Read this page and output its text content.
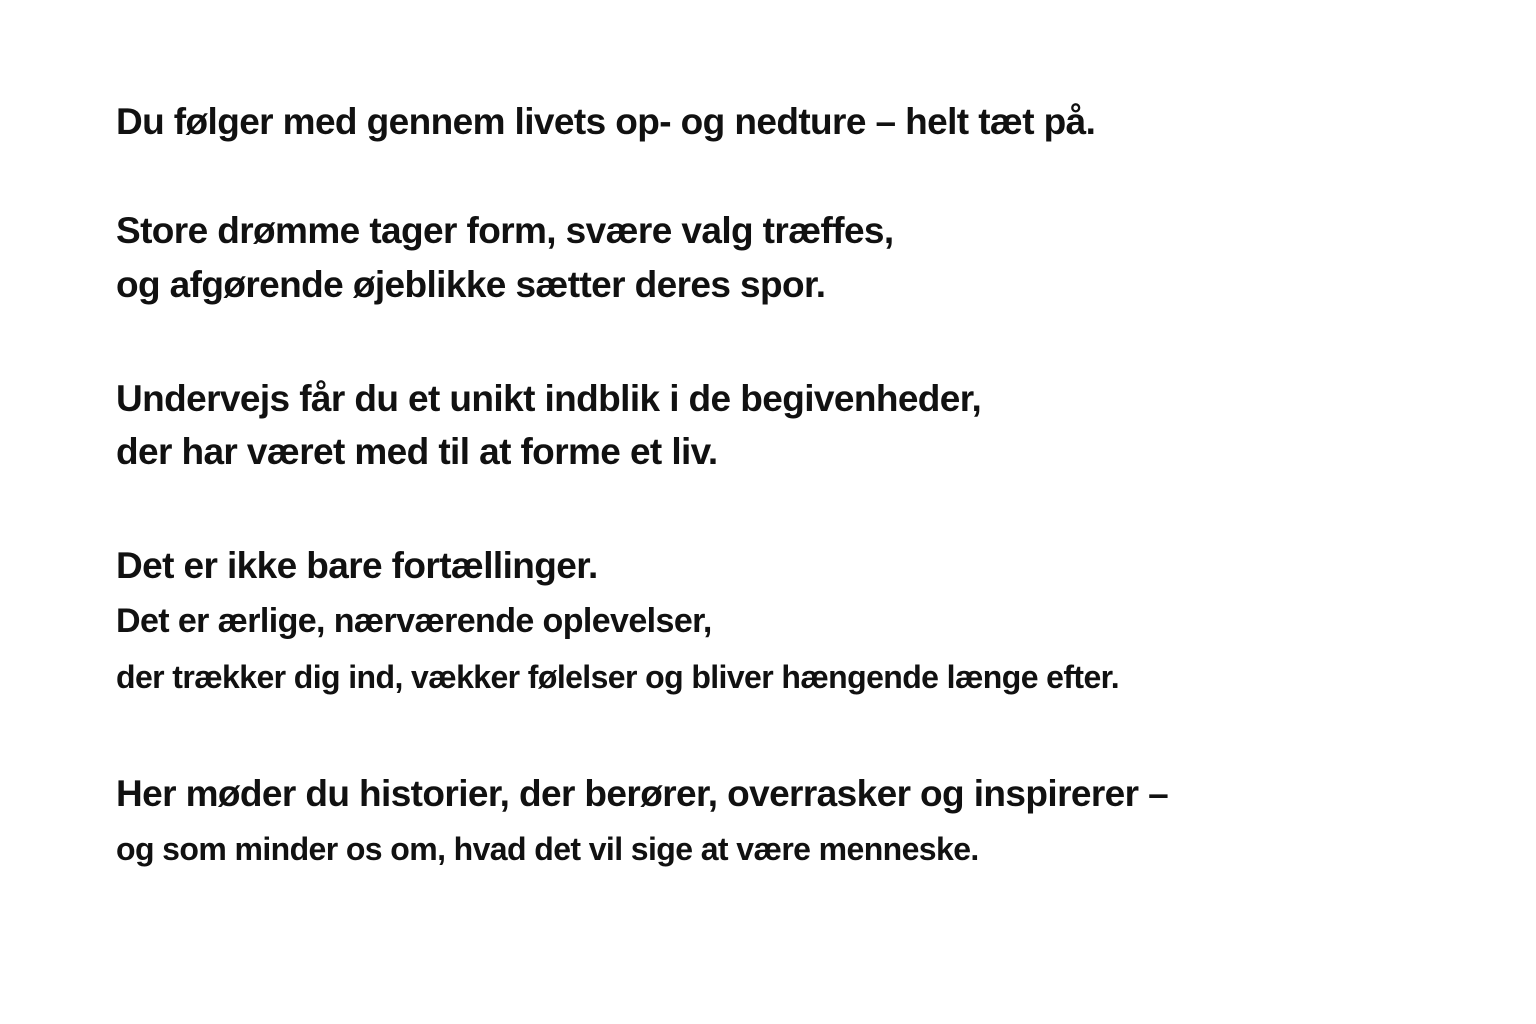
Du følger med gennem livets op- og nedture – helt tæt på.

Store drømme tager form, svære valg træffes,

og afgørende øjeblikke sætter deres spor.

Undervejs får du et unikt indblik i de begivenheder,

der har været med til at forme et liv.

Det er ikke bare fortællinger.

Det er ærlige, nærværende oplevelser,

der trækker dig ind, vækker følelser og bliver hængende længe efter.

Her møder du historier, der berører, overrasker og inspirerer –

og som minder os om, hvad det vil sige at være menneske.
